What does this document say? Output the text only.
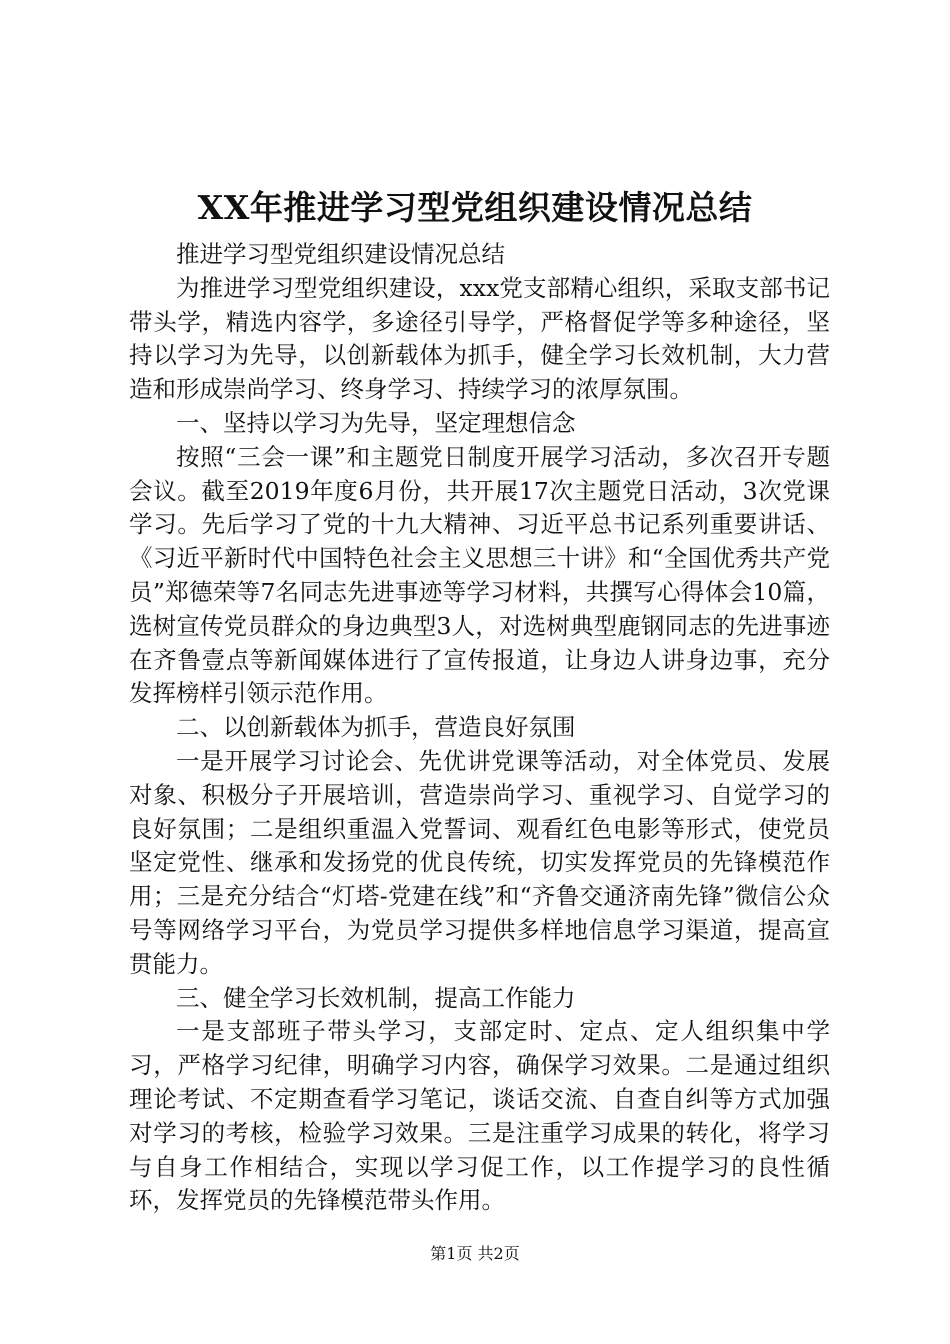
XX年推进学习型党组织建设情况总结

推进学习型党组织建设情况总结

为推进学习型党组织建设，xxx党支部精心组织，采取支部书记带头学，精选内容学，多途径引导学，严格督促学等多种途径，坚持以学习为先导，以创新载体为抓手，健全学习长效机制，大力营造和形成崇尚学习、终身学习、持续学习的浓厚氛围。

一、坚持以学习为先导，坚定理想信念

按照“三会一课”和主题党日制度开展学习活动，多次召开专题会议。截至2019年度6月份，共开展17次主题党日活动，3次党课学习。先后学习了党的十九大精神、习近平总书记系列重要讲话、《习近平新时代中国特色社会主义思想三十讲》和“全国优秀共产党员”郑德荣等7名同志先进事迹等学习材料，共撰写心得体会10篇，选树宣传党员群众的身边典型3人，对选树典型鹿钢同志的先进事迹在齐鲁壹点等新闻媒体进行了宣传报道，让身边人讲身边事，充分发挥榜样引领示范作用。

二、以创新载体为抓手，营造良好氛围

一是开展学习讨论会、先优讲党课等活动，对全体党员、发展对象、积极分子开展培训，营造崇尚学习、重视学习、自觉学习的良好氛围；二是组织重温入党誓词、观看红色电影等形式，使党员坚定党性、继承和发扬党的优良传统，切实发挥党员的先锋模范作用；三是充分结合“灯塔-党建在线”和“齐鲁交通济南先锋”微信公众号等网络学习平台，为党员学习提供多样地信息学习渠道，提高宣贯能力。

三、健全学习长效机制，提高工作能力

一是支部班子带头学习，支部定时、定点、定人组织集中学习，严格学习纪律，明确学习内容，确保学习效果。二是通过组织理论考试、不定期查看学习笔记，谈话交流、自查自纠等方式加强对学习的考核，检验学习效果。三是注重学习成果的转化，将学习与自身工作相结合，实现以学习促工作，以工作提学习的良性循环，发挥党员的先锋模范带头作用。

第1页 共2页
